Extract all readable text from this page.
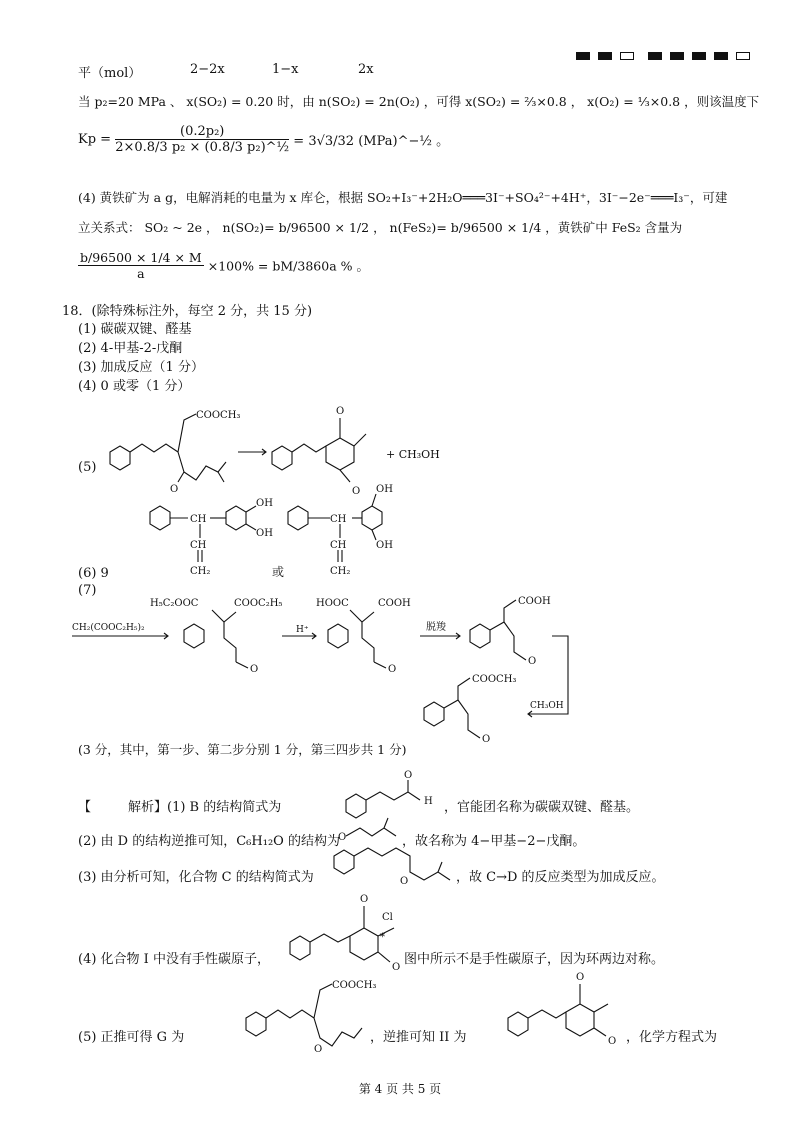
平（mol）	2−2x	1−x	2x
当 p₂=20 MPa 、 x(SO₂) = 0.20 时，由 n(SO₂) = 2n(O₂) ，可得 x(SO₂) = ⅔×0.8 ， x(O₂) = ⅓×0.8 ，则该温度下
$Kp = \frac{\text{(0.2p₂)}}{\text{2×0.8/3 p₂ × (0.8/3 p₂)\textasciicircum{}½}} = 3√3/32$ (MPa)^−½ 。
(4) 黄铁矿为 a g，电解消耗的电量为 x 库仑，根据 SO₂+I₃⁻+2H₂O═══3I⁻+SO₄²⁻+4H⁺，3I⁻−2e⁻═══I₃⁻，可建
立关系式： SO₂ ~ 2e ， n(SO₂)= b/96500 × 1/2 ， n(FeS₂)= b/96500 × 1/4 ，黄铁矿中 FeS₂ 含量为
$\frac{b/96500 \times 1/4 \times M}{a} \times 100\% = bM/3860a$ % 。
18．(除特殊标注外，每空 2 分，共 15 分)
(1) 碳碳双键、醛基
(2) 4-甲基-2-戊酮
(3) 加成反应（1 分）
(4) 0 或零（1 分）
(5)
COOCH₃
O
O
O
+ CH₃OH
(6) 9
(7)
CH
CH
CH₂
OH
OH
CH
CH
CH₂
OH
OH
或
CH₂(COOC₂H₅)₂
H₅C₂OOC	COOC₂H₅
O
H⁺
HOOC	COOH
O
脱羧
COOH
O
CH₃OH
COOCH₃
O
(3 分，其中，第一步、第二步分别 1 分，第三四步共 1 分)
【	解析】(1) B 的结构简式为
O
H
O
O
O
O
Cl
*
COOCH₃
O
O
O
，官能团名称为碳碳双键、醛基。
(2) 由 D 的结构逆推可知，C₆H₁₂O 的结构为	，故名称为 4−甲基−2−戊酮。
(3) 由分析可知，化合物 C 的结构简式为	，故 C→D 的反应类型为加成反应。
(4) 化合物 I 中没有手性碳原子，	图中所示不是手性碳原子，因为环两边对称。
(5) 正推可得 G 为	，逆推可知 II 为	，化学方程式为
第 4 页 共 5 页
